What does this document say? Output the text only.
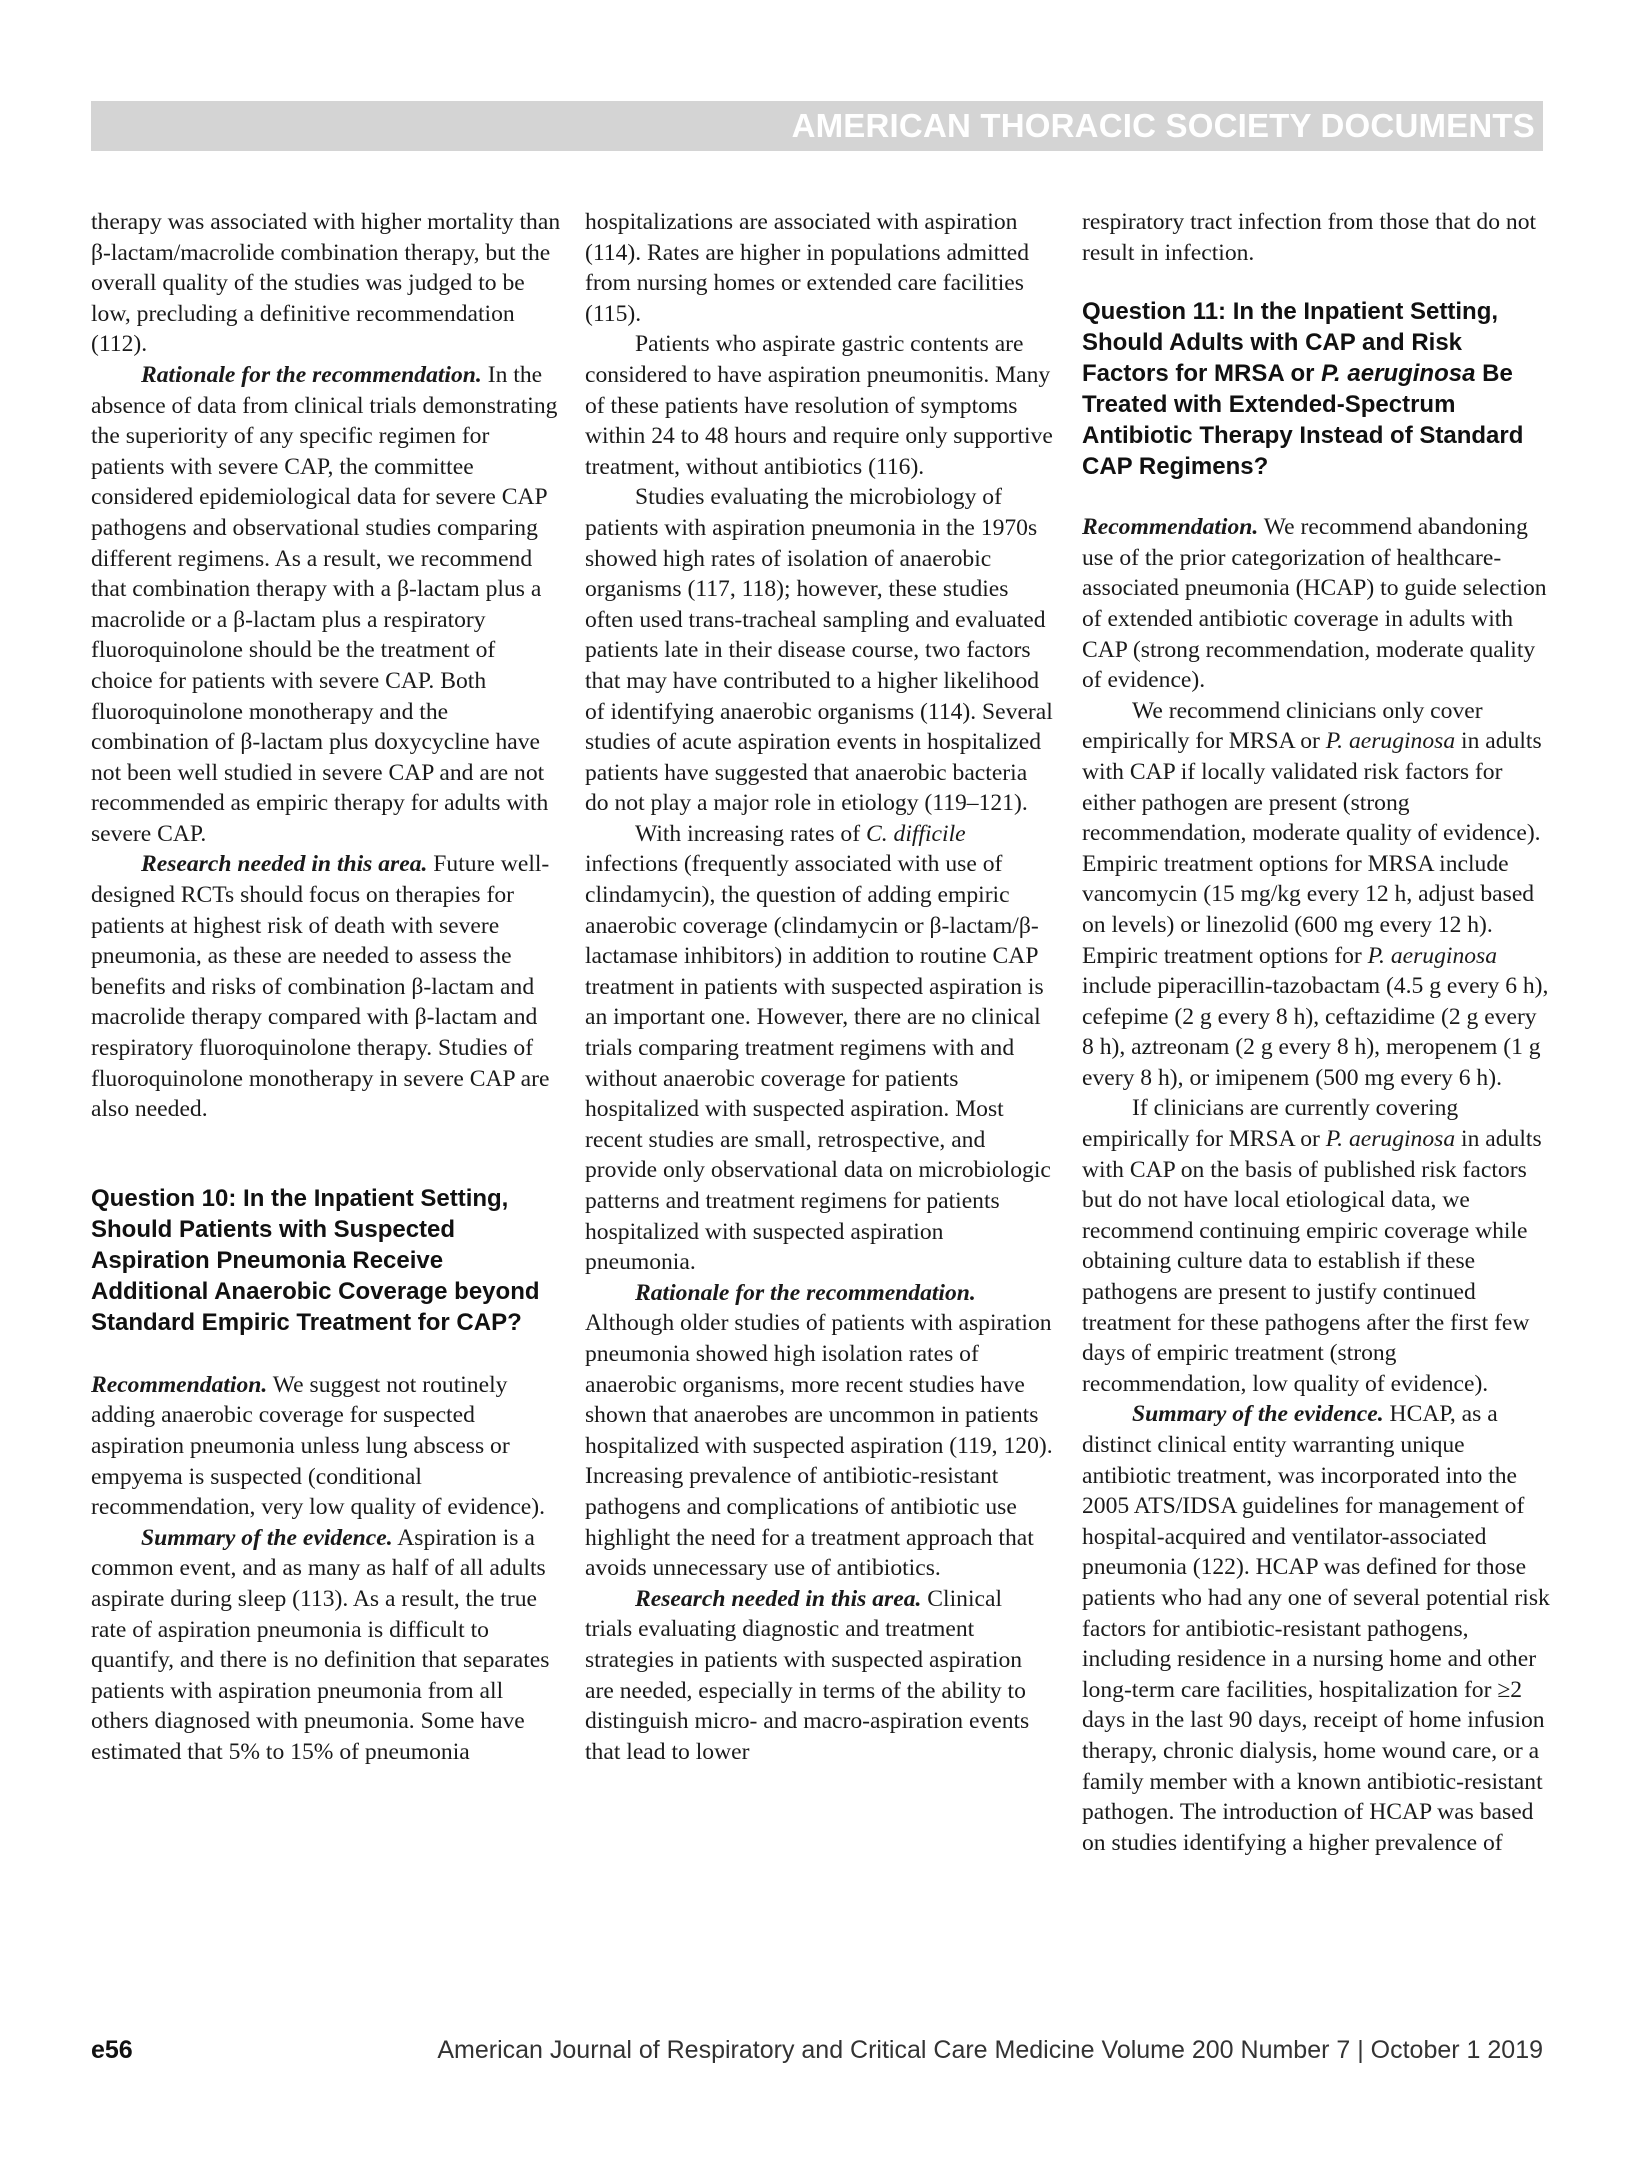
AMERICAN THORACIC SOCIETY DOCUMENTS

therapy was associated with higher mortality than β-lactam/macrolide combination therapy, but the overall quality of the studies was judged to be low, precluding a definitive recommendation (112).

Rationale for the recommendation. In the absence of data from clinical trials demonstrating the superiority of any specific regimen for patients with severe CAP, the committee considered epidemiological data for severe CAP pathogens and observational studies comparing different regimens. As a result, we recommend that combination therapy with a β-lactam plus a macrolide or a β-lactam plus a respiratory fluoroquinolone should be the treatment of choice for patients with severe CAP. Both fluoroquinolone monotherapy and the combination of β-lactam plus doxycycline have not been well studied in severe CAP and are not recommended as empiric therapy for adults with severe CAP.

Research needed in this area. Future well-designed RCTs should focus on therapies for patients at highest risk of death with severe pneumonia, as these are needed to assess the benefits and risks of combination β-lactam and macrolide therapy compared with β-lactam and respiratory fluoroquinolone therapy. Studies of fluoroquinolone monotherapy in severe CAP are also needed.

Question 10: In the Inpatient Setting, Should Patients with Suspected Aspiration Pneumonia Receive Additional Anaerobic Coverage beyond Standard Empiric Treatment for CAP?

Recommendation. We suggest not routinely adding anaerobic coverage for suspected aspiration pneumonia unless lung abscess or empyema is suspected (conditional recommendation, very low quality of evidence).

Summary of the evidence. Aspiration is a common event, and as many as half of all adults aspirate during sleep (113). As a result, the true rate of aspiration pneumonia is difficult to quantify, and there is no definition that separates patients with aspiration pneumonia from all others diagnosed with pneumonia. Some have estimated that 5% to 15% of pneumonia

hospitalizations are associated with aspiration (114). Rates are higher in populations admitted from nursing homes or extended care facilities (115).

Patients who aspirate gastric contents are considered to have aspiration pneumonitis. Many of these patients have resolution of symptoms within 24 to 48 hours and require only supportive treatment, without antibiotics (116).

Studies evaluating the microbiology of patients with aspiration pneumonia in the 1970s showed high rates of isolation of anaerobic organisms (117, 118); however, these studies often used trans-tracheal sampling and evaluated patients late in their disease course, two factors that may have contributed to a higher likelihood of identifying anaerobic organisms (114). Several studies of acute aspiration events in hospitalized patients have suggested that anaerobic bacteria do not play a major role in etiology (119–121).

With increasing rates of C. difficile infections (frequently associated with use of clindamycin), the question of adding empiric anaerobic coverage (clindamycin or β-lactam/β-lactamase inhibitors) in addition to routine CAP treatment in patients with suspected aspiration is an important one. However, there are no clinical trials comparing treatment regimens with and without anaerobic coverage for patients hospitalized with suspected aspiration. Most recent studies are small, retrospective, and provide only observational data on microbiologic patterns and treatment regimens for patients hospitalized with suspected aspiration pneumonia.

Rationale for the recommendation. Although older studies of patients with aspiration pneumonia showed high isolation rates of anaerobic organisms, more recent studies have shown that anaerobes are uncommon in patients hospitalized with suspected aspiration (119, 120). Increasing prevalence of antibiotic-resistant pathogens and complications of antibiotic use highlight the need for a treatment approach that avoids unnecessary use of antibiotics.

Research needed in this area. Clinical trials evaluating diagnostic and treatment strategies in patients with suspected aspiration are needed, especially in terms of the ability to distinguish micro- and macro-aspiration events that lead to lower

respiratory tract infection from those that do not result in infection.

Question 11: In the Inpatient Setting, Should Adults with CAP and Risk Factors for MRSA or P. aeruginosa Be Treated with Extended-Spectrum Antibiotic Therapy Instead of Standard CAP Regimens?

Recommendation. We recommend abandoning use of the prior categorization of healthcare-associated pneumonia (HCAP) to guide selection of extended antibiotic coverage in adults with CAP (strong recommendation, moderate quality of evidence).

We recommend clinicians only cover empirically for MRSA or P. aeruginosa in adults with CAP if locally validated risk factors for either pathogen are present (strong recommendation, moderate quality of evidence). Empiric treatment options for MRSA include vancomycin (15 mg/kg every 12 h, adjust based on levels) or linezolid (600 mg every 12 h). Empiric treatment options for P. aeruginosa include piperacillin-tazobactam (4.5 g every 6 h), cefepime (2 g every 8 h), ceftazidime (2 g every 8 h), aztreonam (2 g every 8 h), meropenem (1 g every 8 h), or imipenem (500 mg every 6 h).

If clinicians are currently covering empirically for MRSA or P. aeruginosa in adults with CAP on the basis of published risk factors but do not have local etiological data, we recommend continuing empiric coverage while obtaining culture data to establish if these pathogens are present to justify continued treatment for these pathogens after the first few days of empiric treatment (strong recommendation, low quality of evidence).

Summary of the evidence. HCAP, as a distinct clinical entity warranting unique antibiotic treatment, was incorporated into the 2005 ATS/IDSA guidelines for management of hospital-acquired and ventilator-associated pneumonia (122). HCAP was defined for those patients who had any one of several potential risk factors for antibiotic-resistant pathogens, including residence in a nursing home and other long-term care facilities, hospitalization for ≥2 days in the last 90 days, receipt of home infusion therapy, chronic dialysis, home wound care, or a family member with a known antibiotic-resistant pathogen. The introduction of HCAP was based on studies identifying a higher prevalence of

e56	American Journal of Respiratory and Critical Care Medicine Volume 200 Number 7 | October 1 2019
